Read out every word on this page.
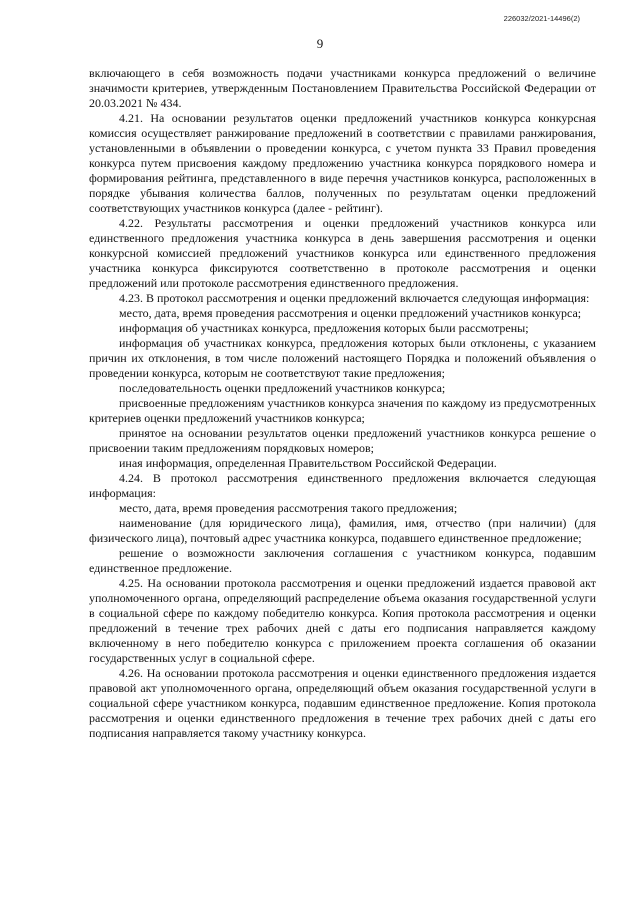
226032/2021-14496(2)
9

включающего в себя возможность подачи участниками конкурса предложений о величине значимости критериев, утвержденным Постановлением Правительства Российской Федерации от 20.03.2021 № 434.

4.21. На основании результатов оценки предложений участников конкурса конкурсная комиссия осуществляет ранжирование предложений в соответствии с правилами ранжирования, установленными в объявлении о проведении конкурса, с учетом пункта 33 Правил проведения конкурса путем присвоения каждому предложению участника конкурса порядкового номера и формирования рейтинга, представленного в виде перечня участников конкурса, расположенных в порядке убывания количества баллов, полученных по результатам оценки предложений соответствующих участников конкурса (далее - рейтинг).

4.22. Результаты рассмотрения и оценки предложений участников конкурса или единственного предложения участника конкурса в день завершения рассмотрения и оценки конкурсной комиссией предложений участников конкурса или единственного предложения участника конкурса фиксируются соответственно в протоколе рассмотрения и оценки предложений или протоколе рассмотрения единственного предложения.

4.23. В протокол рассмотрения и оценки предложений включается следующая информация:

место, дата, время проведения рассмотрения и оценки предложений участников конкурса;

информация об участниках конкурса, предложения которых были рассмотрены;

информация об участниках конкурса, предложения которых были отклонены, с указанием причин их отклонения, в том числе положений настоящего Порядка и положений объявления о проведении конкурса, которым не соответствуют такие предложения;

последовательность оценки предложений участников конкурса;

присвоенные предложениям участников конкурса значения по каждому из предусмотренных критериев оценки предложений участников конкурса;

принятое на основании результатов оценки предложений участников конкурса решение о присвоении таким предложениям порядковых номеров;

иная информация, определенная Правительством Российской Федерации.

4.24. В протокол рассмотрения единственного предложения включается следующая информация:

место, дата, время проведения рассмотрения такого предложения;

наименование (для юридического лица), фамилия, имя, отчество (при наличии) (для физического лица), почтовый адрес участника конкурса, подавшего единственное предложение;

решение о возможности заключения соглашения с участником конкурса, подавшим единственное предложение.

4.25. На основании протокола рассмотрения и оценки предложений издается правовой акт уполномоченного органа, определяющий распределение объема оказания государственной услуги в социальной сфере по каждому победителю конкурса. Копия протокола рассмотрения и оценки предложений в течение трех рабочих дней с даты его подписания направляется каждому включенному в него победителю конкурса с приложением проекта соглашения об оказании государственных услуг в социальной сфере.

4.26. На основании протокола рассмотрения и оценки единственного предложения издается правовой акт уполномоченного органа, определяющий объем оказания государственной услуги в социальной сфере участником конкурса, подавшим единственное предложение. Копия протокола рассмотрения и оценки единственного предложения в течение трех рабочих дней с даты его подписания направляется такому участнику конкурса.
